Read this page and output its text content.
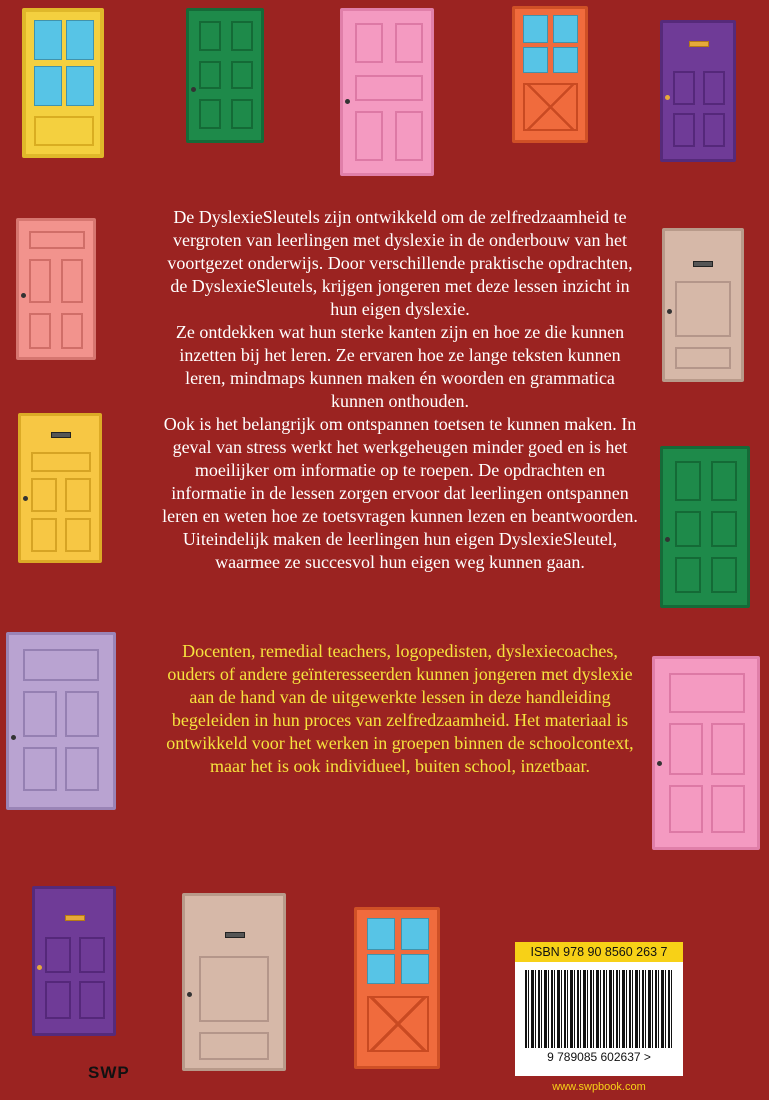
De DyslexieSleutels zijn ontwikkeld om de zelfredzaamheid te vergroten van leerlingen met dyslexie in de onderbouw van het voortgezet onderwijs. Door verschillende praktische opdrachten, de DyslexieSleutels, krijgen jongeren met deze lessen inzicht in hun eigen dyslexie.

Ze ontdekken wat hun sterke kanten zijn en hoe ze die kunnen inzetten bij het leren. Ze ervaren hoe ze lange teksten kunnen leren, mindmaps kunnen maken én woorden en grammatica kunnen onthouden.

Ook is het belangrijk om ontspannen toetsen te kunnen maken. In geval van stress werkt het werkgeheugen minder goed en is het moeilijker om informatie op te roepen. De opdrachten en informatie in de lessen zorgen ervoor dat leerlingen ontspannen leren en weten hoe ze toetsvragen kunnen lezen en beantwoorden.

Uiteindelijk maken de leerlingen hun eigen DyslexieSleutel, waarmee ze succesvol hun eigen weg kunnen gaan.

Docenten, remedial teachers, logopedisten, dyslexiecoaches, ouders of andere geïnteresseerden kunnen jongeren met dyslexie aan de hand van de uitgewerkte lessen in deze handleiding begeleiden in hun proces van zelfredzaamheid. Het materiaal is ontwikkeld voor het werken in groepen binnen de schoolcontext, maar het is ook individueel, buiten school, inzetbaar.

ISBN 978 90 8560 263 7
9 789085 602637 >
www.swpbook.com
SWP
